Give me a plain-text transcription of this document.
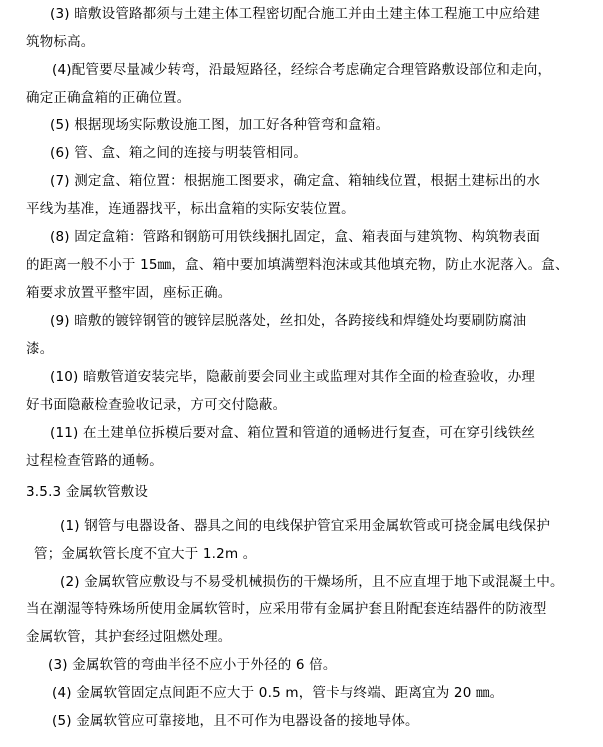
(3) 暗敷设管路都须与土建主体工程密切配合施工并由土建主体工程施工中应给建
筑物标高。
(4)配管要尽量减少转弯，沿最短路径，经综合考虑确定合理管路敷设部位和走向，
确定正确盒箱的正确位置。
(5) 根据现场实际敷设施工图，加工好各种管弯和盒箱。
(6) 管、盒、箱之间的连接与明装管相同。
(7) 测定盒、箱位置：根据施工图要求，确定盒、箱轴线位置，根据土建标出的水
平线为基准，连通器找平，标出盒箱的实际安装位置。
(8) 固定盒箱：管路和钢筋可用铁线捆扎固定，盒、箱表面与建筑物、构筑物表面
的距离一般不小于 15㎜，盒、箱中要加填满塑料泡沫或其他填充物，防止水泥落入。盒、
箱要求放置平整牢固，座标正确。
(9) 暗敷的镀锌钢管的镀锌层脱落处，丝扣处，各跨接线和焊缝处均要刷防腐油
漆。
(10) 暗敷管道安装完毕，隐蔽前要会同业主或监理对其作全面的检查验收，办理
好书面隐蔽检查验收记录，方可交付隐蔽。
(11) 在土建单位拆模后要对盒、箱位置和管道的通畅进行复查，可在穿引线铁丝
过程检查管路的通畅。
3.5.3 金属软管敷设
(1) 钢管与电器设备、器具之间的电线保护管宜采用金属软管或可挠金属电线保护
管；金属软管长度不宜大于 1.2m 。
(2) 金属软管应敷设与不易受机械损伤的干燥场所，且不应直埋于地下或混凝土中。
当在潮湿等特殊场所使用金属软管时，应采用带有金属护套且附配套连结器件的防液型
金属软管，其护套经过阻燃处理。
(3) 金属软管的弯曲半径不应小于外径的 6 倍。
(4) 金属软管固定点间距不应大于 0.5 m，管卡与终端、距离宜为 20 ㎜。
(5) 金属软管应可靠接地，且不可作为电器设备的接地导体。
